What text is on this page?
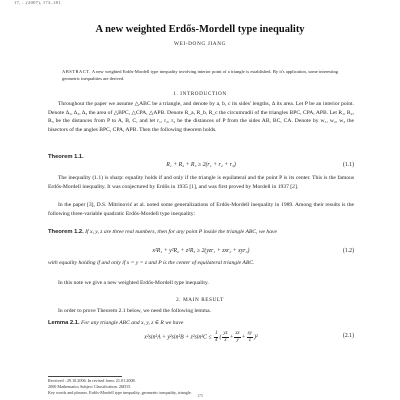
17, ...(2007), 173–181
A new weighted Erdős-Mordell type inequality
WEI-DONG JIANG
ABSTRACT. A new weighted Erdős-Mordell type inequality involving interior point of a triangle is established. By it's application, some interesting geometric inequalities are derived.
1. INTRODUCTION
Throughout the paper we assume △ABC be a triangle, and denote by a, b, c its sides' lengths, Δ its area. Let P be an interior point. Denote Δ₁, Δ₂, Δ₃ the area of △BPC, △CPA, △APB. Denote R_a, R_b, R_c the circumradii of the triangles BPC, CPA, APB. Let R₁, R₂, R₃ be the distances from P to A, B, C, and let r₁, r₂, r₃ be the distances of P from the sides AB, BC, CA. Denote by w₁, w₂, w₃ the bisectors of the angles BPC, CPA, APB. Then the following theorem holds.
Theorem 1.1.
R₁ + R₂ + R₃ ≥ 2(r₁ + r₂ + r₃)	(1.1)
The inequality (1.1) is sharp: equality holds if and only if the triangle is equilateral and the point P is its center. This is the famous Erdős-Mordell inequality. It was conjectured by Erdős in 1935 [1], and was first proved by Mordell in 1937 [2].
In the paper [3], D.S. Mitrinović at al. noted some generalizations of Erdős-Mordell inequality in 1989. Among their results is the following three-variable quadratic Erdős-Mordell type inequality:
Theorem 1.2. If x, y, z are three real numbers, then for any point P inside the triangle ABC, we have
x²R₁ + y²R₂ + z²R₃ ≥ 2(yzr₁ + zxr₂ + xyr₃)	(1.2)
with equality holding if and only if x = y = z and P is the center of equilateral triangle ABC.
In this note we give a new weighted Erdős-Mordell type inequality.
2. MAIN RESULT
In order to prove Theorem 2.1 below, we need the following lemma.
Lemma 2.1. For any triangle ABC and x, y, z ∈ R we have
$x^2\sin^2A + y^2\sin^2B + z^2\sin^2C \le \frac{1}{4}$ ( $\frac{yz}{x} + \frac{zx}{y} + \frac{xy}{z} )^2$	(2.1)
Received : 29.10.2006. In revised form: 21.01.2008.
2000 Mathematics Subject Classification. 26D15.
Key words and phrases. Erdős-Mordell type inequality, geometric inequality, triangle.
173
